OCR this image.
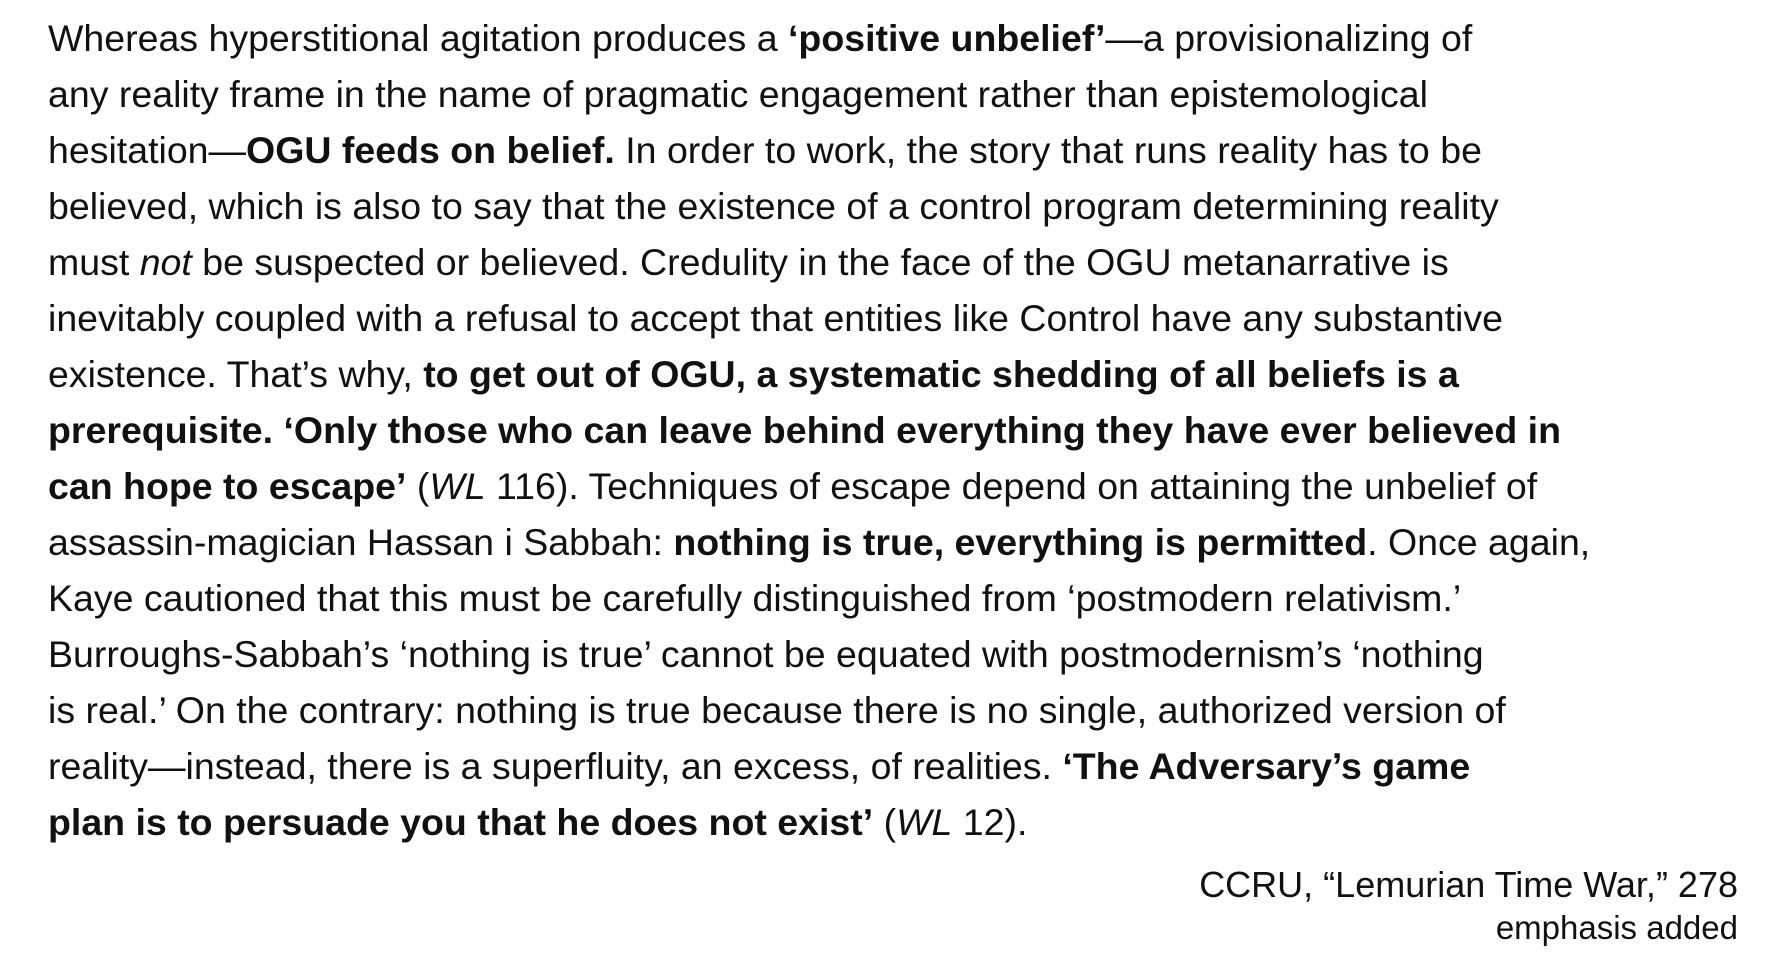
Whereas hyperstitional agitation produces a ‘positive unbelief’—a provisionalizing of
any reality frame in the name of pragmatic engagement rather than epistemological
hesitation—OGU feeds on belief. In order to work, the story that runs reality has to be
believed, which is also to say that the existence of a control program determining reality
must not be suspected or believed. Credulity in the face of the OGU metanarrative is
inevitably coupled with a refusal to accept that entities like Control have any substantive
existence. That’s why, to get out of OGU, a systematic shedding of all beliefs is a
prerequisite. ‘Only those who can leave behind everything they have ever believed in
can hope to escape’ (WL 116). Techniques of escape depend on attaining the unbelief of
assassin-magician Hassan i Sabbah: nothing is true, everything is permitted. Once again,
Kaye cautioned that this must be carefully distinguished from ‘postmodern relativism.’
Burroughs-Sabbah’s ‘nothing is true’ cannot be equated with postmodernism’s ‘nothing
is real.’ On the contrary: nothing is true because there is no single, authorized version of
reality—instead, there is a superfluity, an excess, of realities. ‘The Adversary’s game
plan is to persuade you that he does not exist’ (WL 12).
CCRU, “Lemurian Time War,” 278
emphasis added
